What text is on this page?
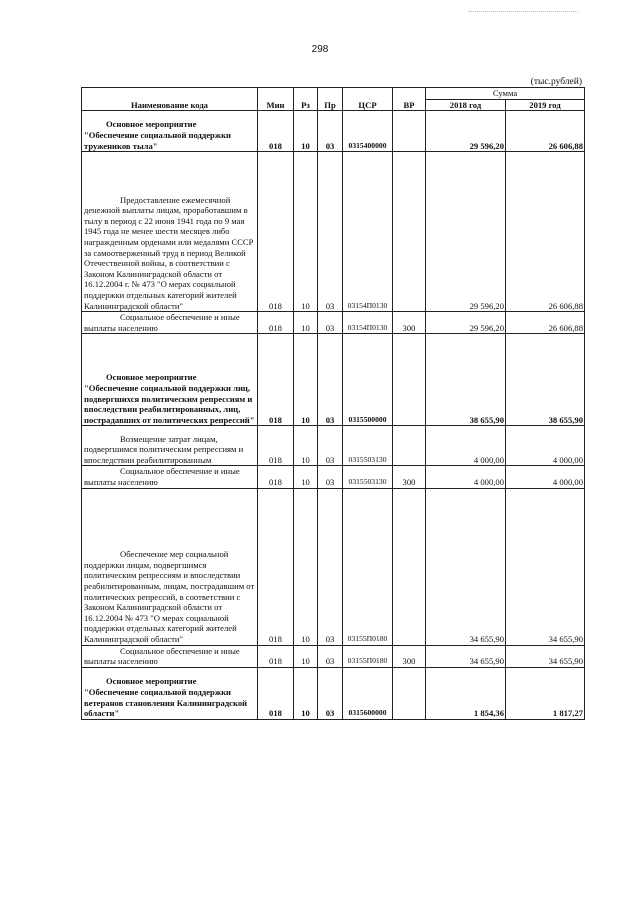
298
(тыс.рублей)
Наименование кода	Мин	Рз	Пр	ЦСР	ВР	Сумма	
						2018 год	2019 год

Основное мероприятие
"Обеспечение социальной поддержки тружеников тыла"	018	10	03	0315400000		29 596,20	26 606,88
Предоставление ежемесячной денежной выплаты лицам, проработавшим в тылу в период с 22 июня 1941 года по 9 мая 1945 года не менее шести месяцев либо награжденным орденами или медалями СССР за самоотверженный труд в период Великой Отечественной войны, в соответствии с Законом Калининградской области от 16.12.2004 г. № 473 "О мерах социальной поддержки отдельных категорий жителей Калининградской области"	018	10	03	03154П0130		29 596,20	26 606,88
Социальное обеспечение и иные выплаты населению	018	10	03	03154П0130	300	29 596,20	26 606,88

Основное мероприятие
"Обеспечение социальной поддержки лиц, подвергшихся политическим репрессиям и впоследствии реабилитированных, лиц, пострадавших от политических репрессий"	018	10	03	0315500000		38 655,90	38 655,90
Возмещение затрат лицам, подвергшимся политическим репрессиям и впоследствии реабилитированным	018	10	03	0315503130		4 000,00	4 000,00
Социальное обеспечение и иные выплаты населению	018	10	03	0315503130	300	4 000,00	4 000,00
Обеспечение мер социальной поддержки лицам, подвергшимся политическим репрессиям и впоследствии реабилитированным, лицам, пострадавшим от политических репрессий, в соответствии с Законом Калининградской области от 16.12.2004 № 473 "О мерах социальной поддержки отдельных категорий жителей Калининградской области"	018	10	03	03155П0180		34 655,90	34 655,90
Социальное обеспечение и иные выплаты населению	018	10	03	03155П0180	300	34 655,90	34 655,90

Основное мероприятие
"Обеспечение социальной поддержки ветеранов становления Калининградской области"	018	10	03	0315600000		1 854,36	1 817,27
